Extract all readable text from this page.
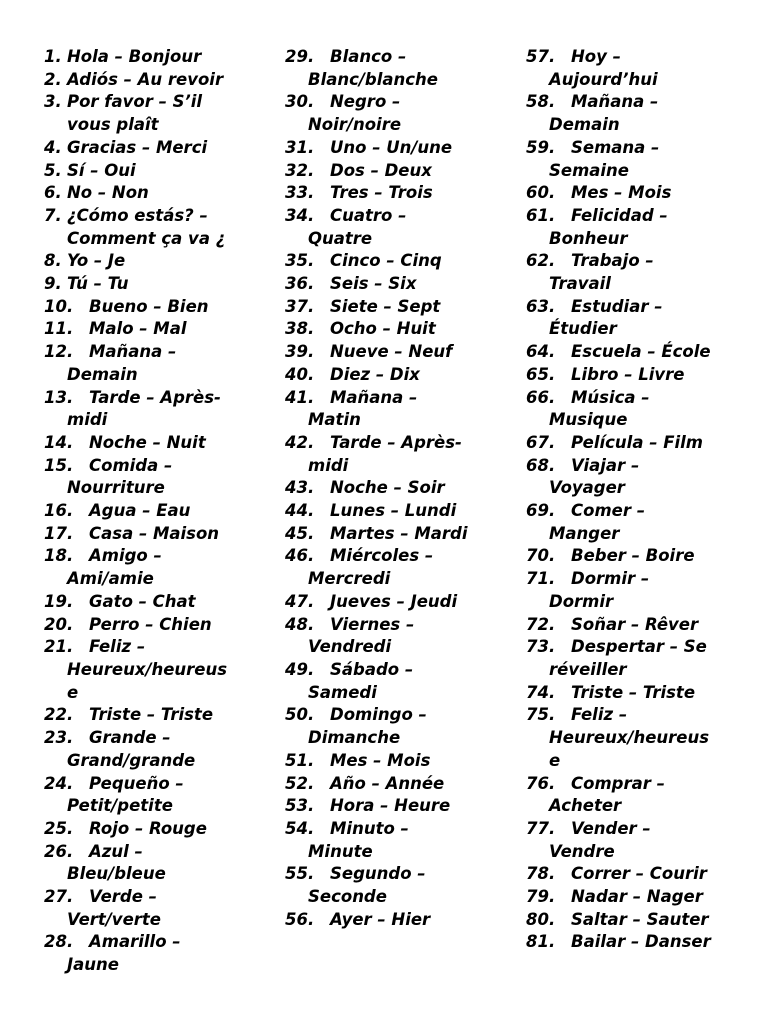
1. Hola – Bonjour
2. Adiós – Au revoir
3. Por favor – S’il
vous plaît
4. Gracias – Merci
5. Sí – Oui
6. No – Non
7. ¿Cómo estás? –
Comment ça va ¿
8. Yo – Je
9. Tú – Tu
10. Bueno – Bien
11. Malo – Mal
12. Mañana –
Demain
13. Tarde – Après-
midi
14. Noche – Nuit
15. Comida –
Nourriture
16. Agua – Eau
17. Casa – Maison
18. Amigo –
Ami/amie
19. Gato – Chat
20. Perro – Chien
21. Feliz –
Heureux/heureus
e
22. Triste – Triste
23. Grande –
Grand/grande
24. Pequeño –
Petit/petite
25. Rojo – Rouge
26. Azul –
Bleu/bleue
27. Verde –
Vert/verte
28. Amarillo –
Jaune
29. Blanco –
Blanc/blanche
30. Negro –
Noir/noire
31. Uno – Un/une
32. Dos – Deux
33. Tres – Trois
34. Cuatro –
Quatre
35. Cinco – Cinq
36. Seis – Six
37. Siete – Sept
38. Ocho – Huit
39. Nueve – Neuf
40. Diez – Dix
41. Mañana –
Matin
42. Tarde – Après-
midi
43. Noche – Soir
44. Lunes – Lundi
45. Martes – Mardi
46. Miércoles –
Mercredi
47. Jueves – Jeudi
48. Viernes –
Vendredi
49. Sábado –
Samedi
50. Domingo –
Dimanche
51. Mes – Mois
52. Año – Année
53. Hora – Heure
54. Minuto –
Minute
55. Segundo –
Seconde
56. Ayer – Hier
57. Hoy –
Aujourd’hui
58. Mañana –
Demain
59. Semana –
Semaine
60. Mes – Mois
61. Felicidad –
Bonheur
62. Trabajo –
Travail
63. Estudiar –
Étudier
64. Escuela – École
65. Libro – Livre
66. Música –
Musique
67. Película – Film
68. Viajar –
Voyager
69. Comer –
Manger
70. Beber – Boire
71. Dormir –
Dormir
72. Soñar – Rêver
73. Despertar – Se
réveiller
74. Triste – Triste
75. Feliz –
Heureux/heureus
e
76. Comprar –
Acheter
77. Vender –
Vendre
78. Correr – Courir
79. Nadar – Nager
80. Saltar – Sauter
81. Bailar – Danser
